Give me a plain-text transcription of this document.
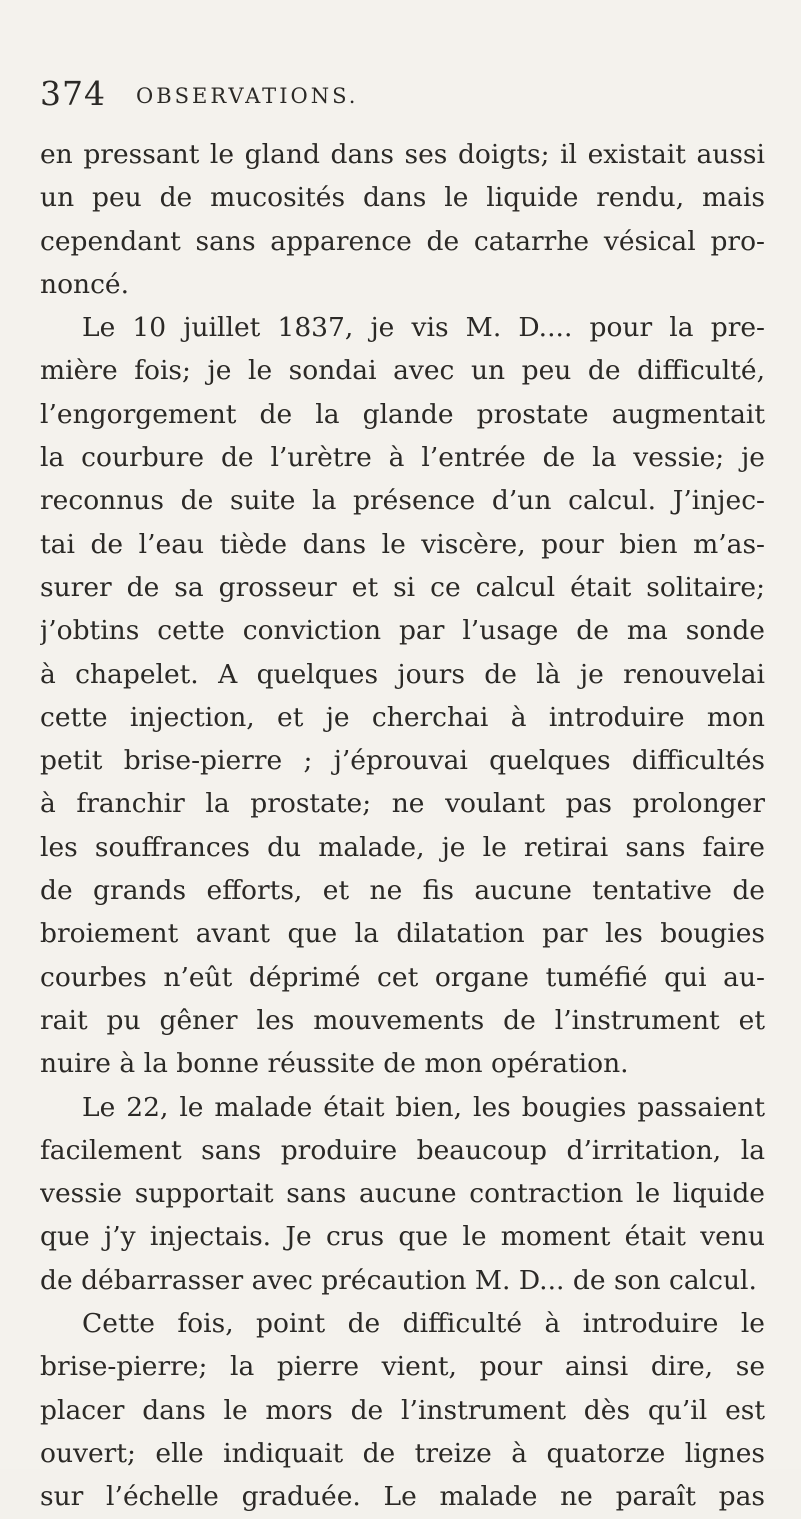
374 OBSERVATIONS.
en pressant le gland dans ses doigts; il existait aussi
un peu de mucosités dans le liquide rendu, mais
cependant sans apparence de catarrhe vésical pro-
noncé.
Le 10 juillet 1837, je vis M. D.... pour la pre-
mière fois; je le sondai avec un peu de difficulté,
l’engorgement de la glande prostate augmentait
la courbure de l’urètre à l’entrée de la vessie; je
reconnus de suite la présence d’un calcul. J’injec-
tai de l’eau tiède dans le viscère, pour bien m’as-
surer de sa grosseur et si ce calcul était solitaire;
j’obtins cette conviction par l’usage de ma sonde
à chapelet. A quelques jours de là je renouvelai
cette injection, et je cherchai à introduire mon
petit brise-pierre ; j’éprouvai quelques difficultés
à franchir la prostate; ne voulant pas prolonger
les souffrances du malade, je le retirai sans faire
de grands efforts, et ne fis aucune tentative de
broiement avant que la dilatation par les bougies
courbes n’eût déprimé cet organe tuméfié qui au-
rait pu gêner les mouvements de l’instrument et
nuire à la bonne réussite de mon opération.
Le 22, le malade était bien, les bougies passaient
facilement sans produire beaucoup d’irritation, la
vessie supportait sans aucune contraction le liquide
que j’y injectais. Je crus que le moment était venu
de débarrasser avec précaution M. D... de son calcul.
Cette fois, point de difficulté à introduire le
brise-pierre; la pierre vient, pour ainsi dire, se
placer dans le mors de l’instrument dès qu’il est
ouvert; elle indiquait de treize à quatorze lignes
sur l’échelle graduée. Le malade ne paraît pas
